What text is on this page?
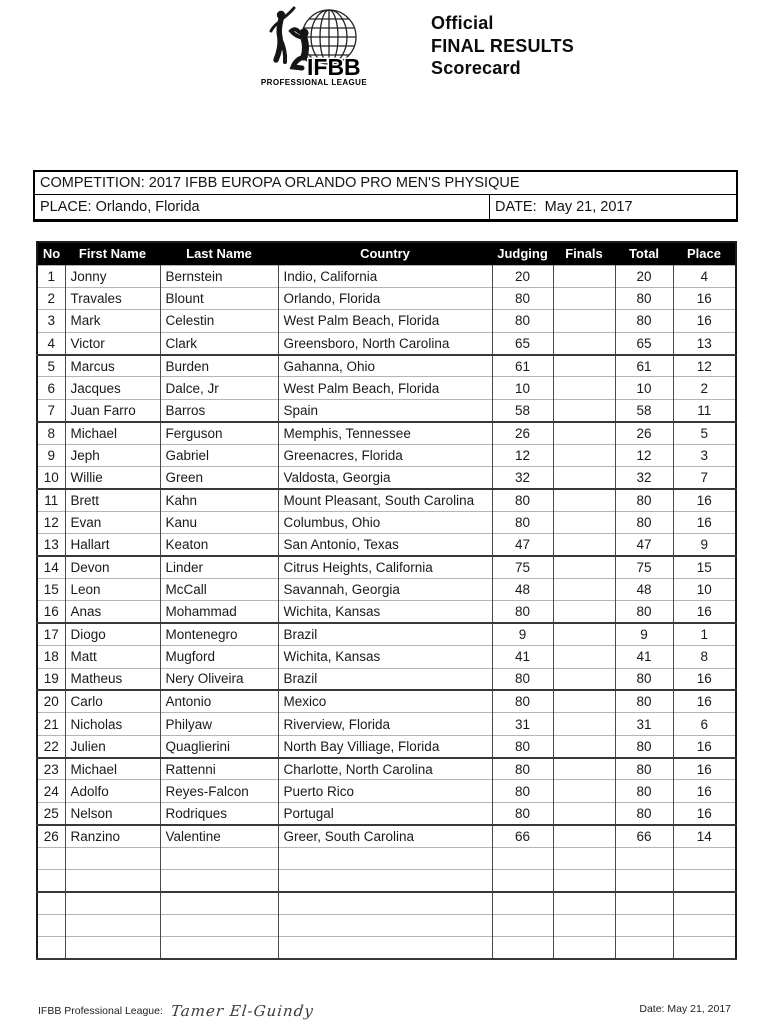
IFBB
PROFESSIONAL LEAGUE
Official
FINAL RESULTS
Scorecard
COMPETITION: 2017 IFBB EUROPA ORLANDO PRO MEN'S PHYSIQUE
PLACE: Orlando, Florida	DATE:  May 21, 2017
No	First Name	Last Name	Country	Judging	Finals	Total	Place
1	Jonny	Bernstein	Indio, California	20		20	4
2	Travales	Blount	Orlando, Florida	80		80	16
3	Mark	Celestin	West Palm Beach, Florida	80		80	16
4	Victor	Clark	Greensboro, North Carolina	65		65	13
5	Marcus	Burden	Gahanna, Ohio	61		61	12
6	Jacques	Dalce, Jr	West Palm Beach, Florida	10		10	2
7	Juan Farro	Barros	Spain	58		58	11
8	Michael	Ferguson	Memphis, Tennessee	26		26	5
9	Jeph	Gabriel	Greenacres, Florida	12		12	3
10	Willie	Green	Valdosta, Georgia	32		32	7
11	Brett	Kahn	Mount Pleasant, South Carolina	80		80	16
12	Evan	Kanu	Columbus, Ohio	80		80	16
13	Hallart	Keaton	San Antonio, Texas	47		47	9
14	Devon	Linder	Citrus Heights, California	75		75	15
15	Leon	McCall	Savannah, Georgia	48		48	10
16	Anas	Mohammad	Wichita, Kansas	80		80	16
17	Diogo	Montenegro	Brazil	9		9	1
18	Matt	Mugford	Wichita, Kansas	41		41	8
19	Matheus	Nery Oliveira	Brazil	80		80	16
20	Carlo	Antonio	Mexico	80		80	16
21	Nicholas	Philyaw	Riverview, Florida	31		31	6
22	Julien	Quaglierini	North Bay Villiage, Florida	80		80	16
23	Michael	Rattenni	Charlotte, North Carolina	80		80	16
24	Adolfo	Reyes-Falcon	Puerto Rico	80		80	16
25	Nelson	Rodriques	Portugal	80		80	16
26	Ranzino	Valentine	Greer, South Carolina	66		66	14

IFBB Professional League: Tamer El-Guindy	Date: May 21, 2017
